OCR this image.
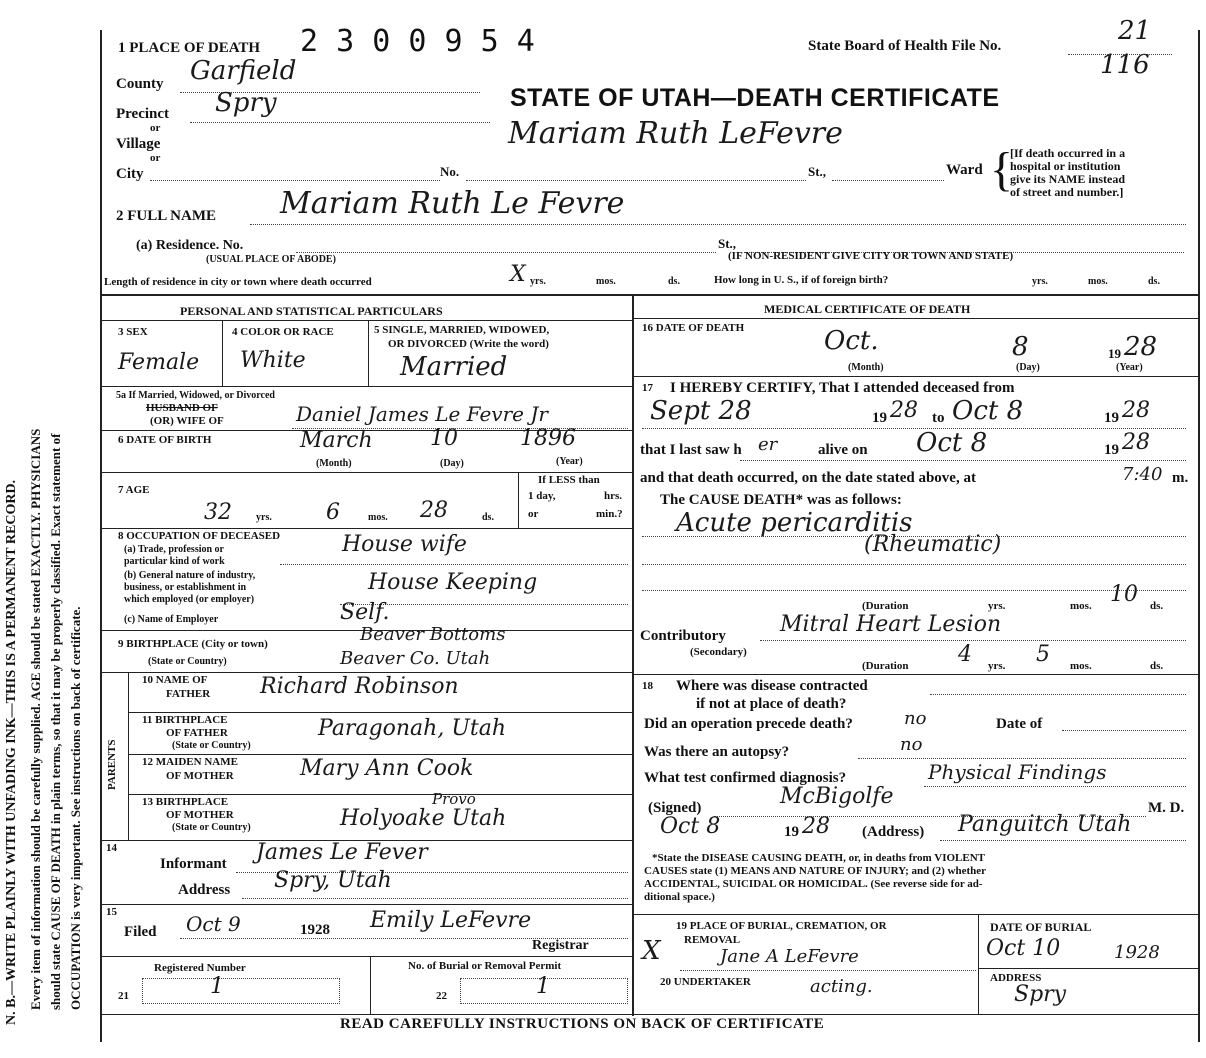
N. B.—WRITE PLAINLY WITH UNFADING INK—THIS IS A PERMANENT RECORD. Every item of information should be carefully supplied. AGE should be stated EXACTLY. PHYSICIANS should state CAUSE OF DEATH in plain terms, so that it may be properly classified. Exact statement of OCCUPATION is very important. See instructions on back of certificate.
1 PLACE OF DEATH 2 3 0 0 9 5 4	State Board of Health File No.	21
116
STATE OF UTAH—DEATH CERTIFICATE
County Garfield
Precinct Spry
or
Village
or
City	No.	St.,	Ward {
[If death occurred in a
hospital or institution
give its NAME instead
of street and number.]
Mariam Ruth LeFevre
2 FULL NAME Mariam Ruth Le Fevre
(a) Residence. No.	St.,
(USUAL PLACE OF ABODE)	(IF NON-RESIDENT GIVE CITY OR TOWN AND STATE)
Length of residence in city or town where death occurred	X yrs.	mos.	ds.	How long in U. S., if of foreign birth?	yrs.	mos.	ds.
PERSONAL AND STATISTICAL PARTICULARS
3 SEX
Female
4 COLOR OR RACE
White
5 SINGLE, MARRIED, WIDOWED,
OR DIVORCED (Write the word)
Married
5a If Married, Widowed, or Divorced
HUSBAND OF
(OR) WIFE OF	Daniel James Le Fevre Jr
6 DATE OF BIRTH	March	10	1896
(Month)	(Day)	(Year)
7 AGE
32 yrs. 6	mos. 28	ds.
If LESS than
1 day,	hrs.
or	min.?
8 OCCUPATION OF DECEASED
(a) Trade, profession or
particular kind of work
House wife
(b) General nature of industry,
business, or establishment in
which employed (or employer)
House Keeping
(c) Name of Employer	Self.
9 BIRTHPLACE (City or town)	Beaver Bottoms
(State or Country)	Beaver Co. Utah
PARENTS
10 NAME OF
FATHER Richard Robinson
11 BIRTHPLACE
OF FATHER
(State or Country)
Paragonah, Utah
12 MAIDEN NAME
OF MOTHER	Mary Ann Cook
13 BIRTHPLACE
OF MOTHER
(State or Country)
Provo
Holyoake Utah
14
Informant James Le Fever
Address Spry, Utah
15
Filed Oct 9	1928 Emily LeFevre
Registrar
Registered Number	No. of Burial or Removal Permit
21	1	22	1
MEDICAL CERTIFICATE OF DEATH
16 DATE OF DEATH	Oct.	8	19 28
(Month)	(Day)	(Year)
17 I HEREBY CERTIFY, That I attended deceased from
Sept 28	19 28 to Oct 8	19 28
that I last saw h er	alive on Oct 8	19 28
and that death occurred, on the date stated above, at	7:40 m.
The CAUSE DEATH* was as follows:
Acute pericarditis
(Rheumatic)
(Duration	yrs.	mos. 10 ds.
Contributory
(Secondary)
Mitral Heart Lesion
(Duration 4 yrs. 5 mos.	ds.
18 Where was disease contracted
if not at place of death?
Did an operation precede death?	no	Date of
Was there an autopsy?	no
What test confirmed diagnosis?	Physical Findings
(Signed)	McBigolfe	M. D.
Oct 8	19 28 (Address) Panguitch Utah
*State the DISEASE CAUSING DEATH, or, in deaths from VIOLENT
CAUSES state (1) MEANS AND NATURE OF INJURY; and (2) whether
ACCIDENTAL, SUICIDAL OR HOMICIDAL. (See reverse side for ad-
ditional space.)
19 PLACE OF BURIAL, CREMATION, OR
REMOVAL
X	Jane A LeFevre
DATE OF BURIAL
Oct 10	1928
20 UNDERTAKER	acting.	ADDRESS
Spry
READ CAREFULLY INSTRUCTIONS ON BACK OF CERTIFICATE
